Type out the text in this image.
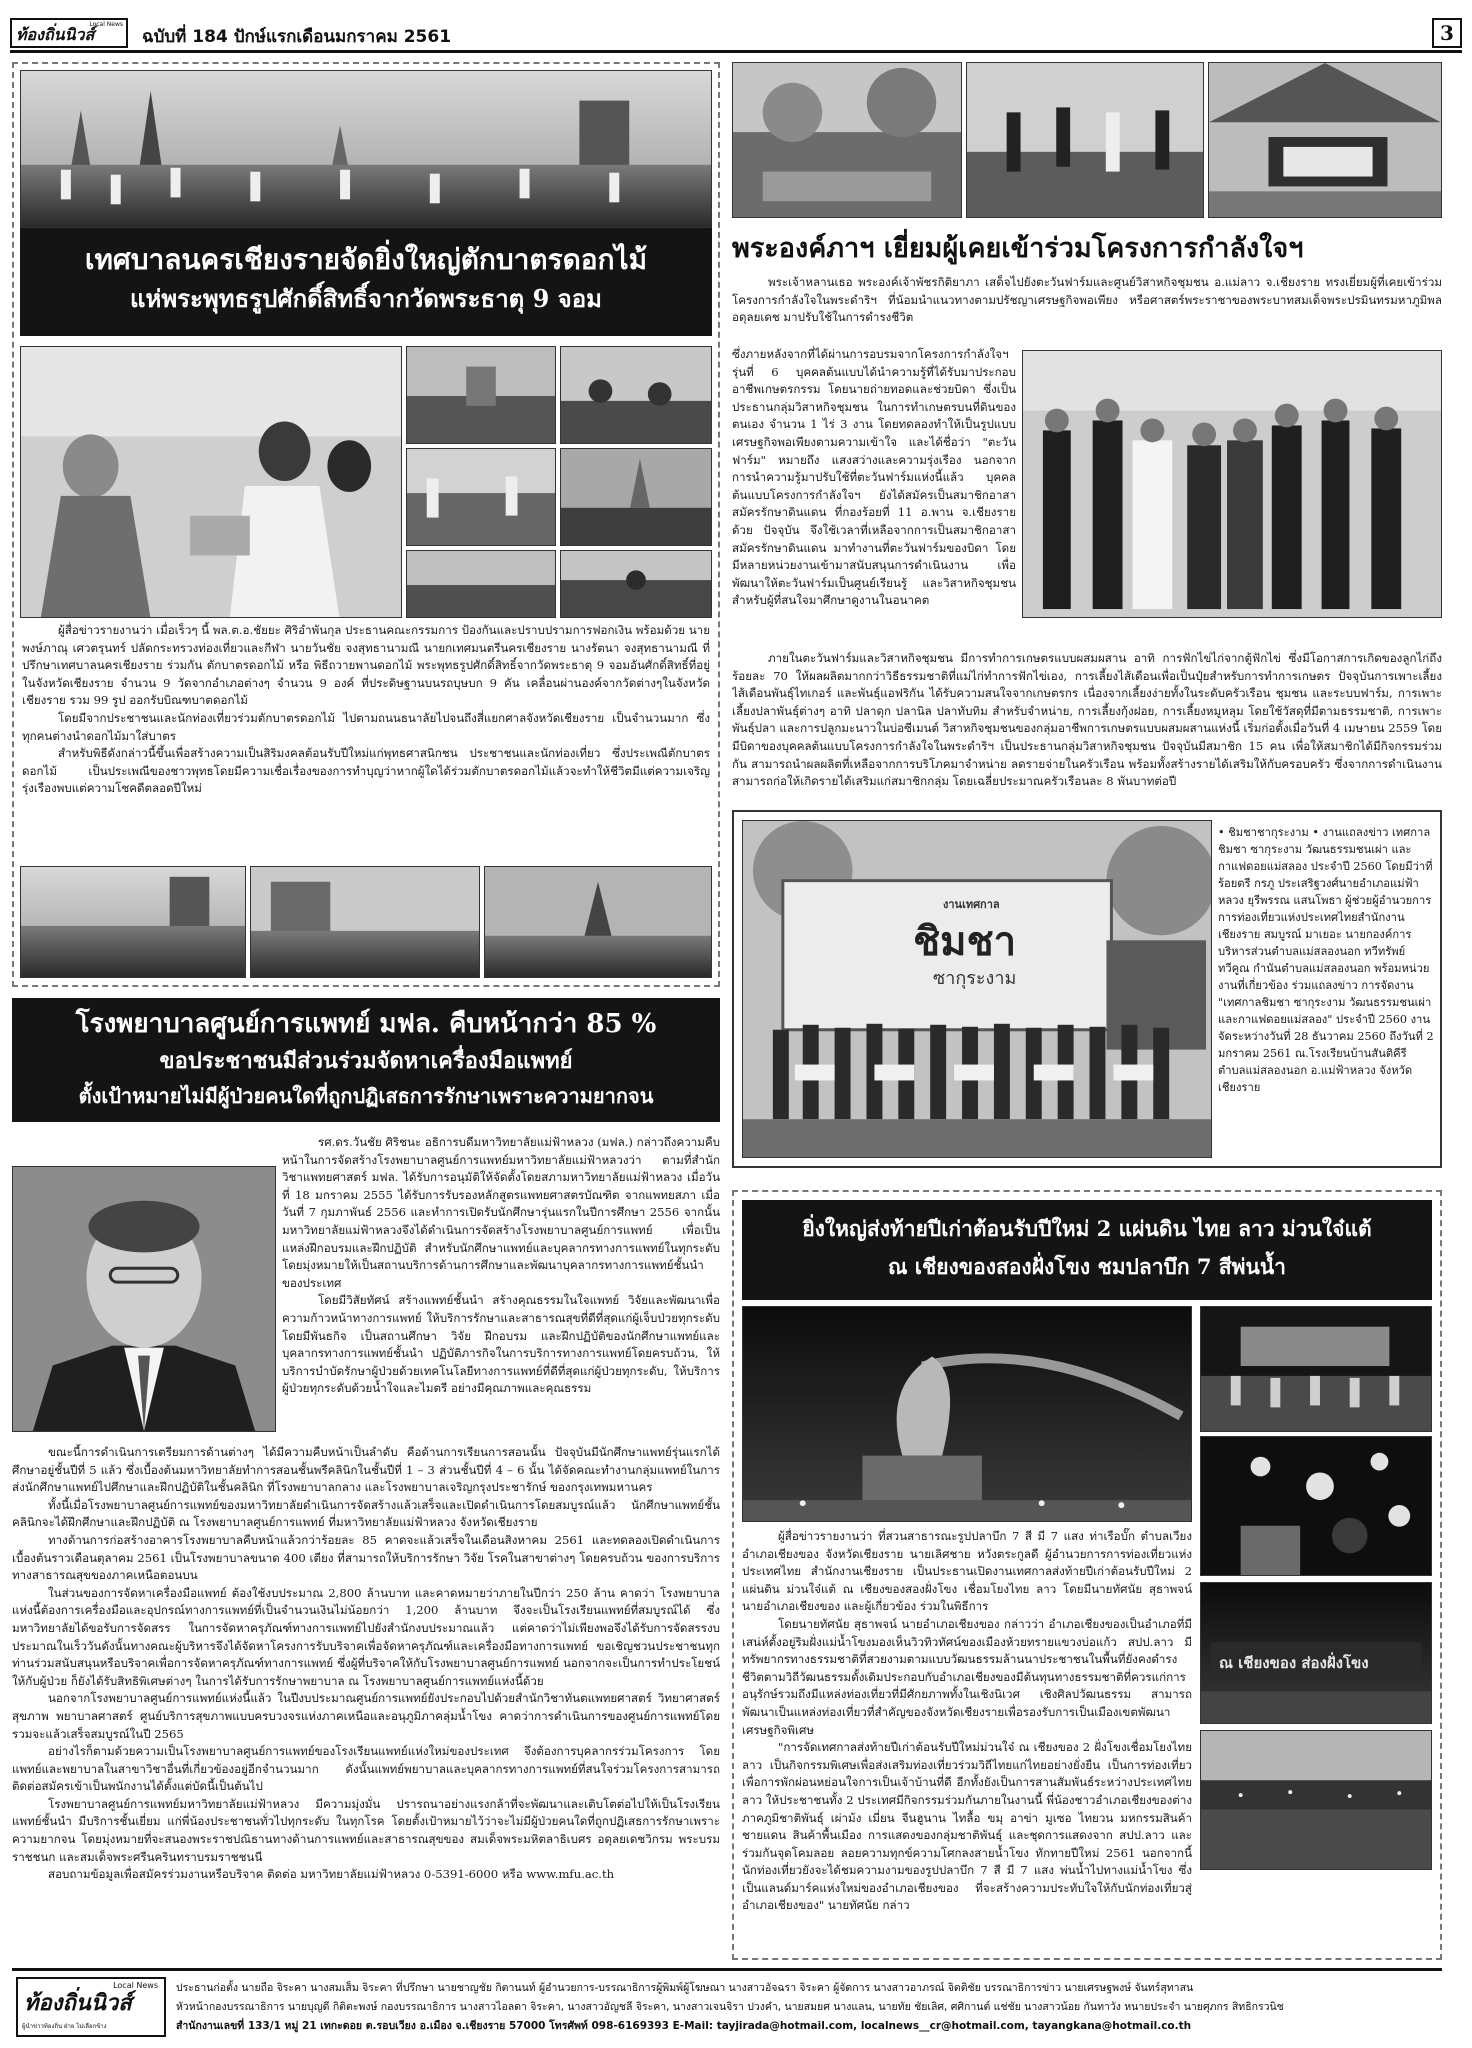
ท้องถิ่นนิวส์
Local News
ฉบับที่ 184 ปักษ์แรกเดือนมกราคม 2561	3
เทศบาลนครเชียงรายจัดยิ่งใหญ่ตักบาตรดอกไม้
แห่พระพุทธรูปศักดิ์สิทธิ์จากวัดพระธาตุ 9 จอม

ผู้สื่อข่าวรายงานว่า เมื่อเร็วๆ นี้ พล.ต.อ.ชัยยะ ศิริอำพันกุล ประธานคณะกรรมการ ป้องกันและปราบปรามการฟอกเงิน พร้อมด้วย นายพงษ์ภาณุ เศวตรุนทร์ ปลัดกระทรวงท่องเที่ยวและกีฬา นายวันชัย จงสุทธานามณี นายกเทศมนตรีนครเชียงราย นางรัตนา จงสุทธานามณี ที่ปรึกษาเทศบาลนครเชียงราย ร่วมกัน ตักบาตรดอกไม้ หรือ พิธีถวายพานดอกไม้ พระพุทธรูปศักดิ์สิทธิ์จากวัดพระธาตุ 9 จอมอันศักดิ์สิทธิ์ที่อยู่ในจังหวัดเชียงราย จำนวน 9 วัดจากอำเภอต่างๆ จำนวน 9 องค์ ที่ประดิษฐานบนรถบุษบก 9 คัน เคลื่อนผ่านองค์จากวัดต่างๆในจังหวัดเชียงราย รวม 99 รูป ออกรับบิณฑบาตดอกไม้

โดยมีจากประชาชนและนักท่องเที่ยวร่วมตักบาตรดอกไม้ ไปตามถนนธนาลัยไปจนถึงสี่แยกศาลจังหวัดเชียงราย เป็นจำนวนมาก ซึ่งทุกคนต่างนำดอกไม้มาใส่บาตร

สำหรับพิธีดังกล่าวนี้ขึ้นเพื่อสร้างความเป็นสิริมงคลต้อนรับปีใหม่แก่พุทธศาสนิกชน ประชาชนและนักท่องเที่ยว ซึ่งประเพณีตักบาตรดอกไม้ เป็นประเพณีของชาวพุทธโดยมีความเชื่อเรื่องของการทำบุญว่าหากผู้ใดได้ร่วมตักบาตรดอกไม้แล้วจะทำให้ชีวิตมีแต่ความเจริญรุ่งเรืองพบแต่ความโชคดีตลอดปีใหม่

พระองค์ภาฯ เยี่ยมผู้เคยเข้าร่วมโครงการกำลังใจฯ

พระเจ้าหลานเธอ พระองค์เจ้าพัชรกิติยาภา เสด็จไปยังตะวันฟาร์มและศูนย์วิสาหกิจชุมชน อ.แม่ลาว จ.เชียงราย ทรงเยี่ยมผู้ที่เคยเข้าร่วมโครงการกำลังใจในพระดำริฯ ที่น้อมนำแนวทางตามปรัชญาเศรษฐกิจพอเพียง หรือศาสตร์พระราชาของพระบาทสมเด็จพระปรมินทรมหาภูมิพลอดุลยเดช มาปรับใช้ในการดำรงชีวิต

ซึ่งภายหลังจากที่ได้ผ่านการอบรมจากโครงการกำลังใจฯ รุ่นที่ 6 บุคคลต้นแบบได้นำความรู้ที่ได้รับมาประกอบอาชีพเกษตรกรรม โดยนายถ่ายทอดและช่วยบิดา ซึ่งเป็นประธานกลุ่มวิสาหกิจชุมชน ในการทำเกษตรบนที่ดินของตนเอง จำนวน 1 ไร่ 3 งาน โดยทดลองทำให้เป็นรูปแบบเศรษฐกิจพอเพียงตามความเข้าใจ และได้ชื่อว่า "ตะวันฟาร์ม" หมายถึง แสงสว่างและความรุ่งเรือง นอกจากการนำความรู้มาปรับใช้ที่ตะวันฟาร์มแห่งนี้แล้ว บุคคลต้นแบบโครงการกำลังใจฯ ยังได้สมัครเป็นสมาชิกอาสาสมัครรักษาดินแดน ที่กองร้อยที่ 11 อ.พาน จ.เชียงรายด้วย ปัจจุบัน จึงใช้เวลาที่เหลือจากการเป็นสมาชิกอาสาสมัครรักษาดินแดน มาทำงานที่ตะวันฟาร์มของบิดา โดยมีหลายหน่วยงานเข้ามาสนับสนุนการดำเนินงาน เพื่อพัฒนาให้ตะวันฟาร์มเป็นศูนย์เรียนรู้ และวิสาหกิจชุมชนสำหรับผู้ที่สนใจมาศึกษาดูงานในอนาคต

ภายในตะวันฟาร์มและวิสาหกิจชุมชน มีการทำการเกษตรแบบผสมผสาน อาทิ การฟักไข่ไก่จากตู้ฟักไข่ ซึ่งมีโอกาสการเกิดของลูกไก่ถึงร้อยละ 70 ให้ผลผลิตมากกว่าวิธีธรรมชาติที่แม่ไก่ทำการฟักไข่เอง, การเลี้ยงไส้เดือนเพื่อเป็นปุ๋ยสำหรับการทำการเกษตร ปัจจุบันการเพาะเลี้ยงไส้เดือนพันธุ์ไทเกอร์ และพันธุ์แอฟริกัน ได้รับความสนใจจากเกษตรกร เนื่องจากเลี้ยงง่ายทั้งในระดับครัวเรือน ชุมชน และระบบฟาร์ม, การเพาะเลี้ยงปลาพันธุ์ต่างๆ อาทิ ปลาดุก ปลานิล ปลาทับทิม สำหรับจำหน่าย, การเลี้ยงกุ้งฝอย, การเลี้ยงหมูหลุม โดยใช้วัสดุที่มีตามธรรมชาติ, การเพาะพันธุ์ปลา และการปลูกมะนาวในบ่อซีเมนต์ วิสาหกิจชุมชนของกลุ่มอาชีพการเกษตรแบบผสมผสานแห่งนี้ เริ่มก่อตั้งเมื่อวันที่ 4 เมษายน 2559 โดยมีบิดาของบุคคลต้นแบบโครงการกำลังใจในพระดำริฯ เป็นประธานกลุ่มวิสาหกิจชุมชน ปัจจุบันมีสมาชิก 15 คน เพื่อให้สมาชิกได้มีกิจกรรมร่วมกัน สามารถนำผลผลิตที่เหลือจากการบริโภคมาจำหน่าย ลดรายจ่ายในครัวเรือน พร้อมทั้งสร้างรายได้เสริมให้กับครอบครัว ซึ่งจากการดำเนินงาน สามารถก่อให้เกิดรายได้เสริมแก่สมาชิกกลุ่ม โดยเฉลี่ยประมาณครัวเรือนละ 8 พันบาทต่อปี

งานเทศกาล
ชิมชา
ซากุระงาม

• ชิมชาชากุระงาม • งานแถลงข่าว เทศกาลชิมชา ซากุระงาม วัฒนธรรมชนเผ่า และกาแฟดอยแม่สลอง ประจำปี 2560 โดยมีว่าที่ร้อยตรี กรภู ประเสริฐวงศ์นายอำเภอแม่ฟ้าหลวง ยุรีพรรณ แสนโพธา ผู้ช่วยผู้อำนวยการการท่องเที่ยวแห่งประเทศไทยสำนักงานเชียงราย สมบูรณ์ มาเยอะ นายกองค์การบริหารส่วนตำบลแม่สลองนอก ทวีทรัพย์ทวีคูณ กำนันตำบลแม่สลองนอก พร้อมหน่วยงานที่เกี่ยวข้อง ร่วมแถลงข่าว การจัดงาน "เทศกาลชิมชา ซากุระงาม วัฒนธรรมชนเผ่าและกาแฟดอยแม่สลอง" ประจำปี 2560 งานจัดระหว่างวันที่ 28 ธันวาคม 2560 ถึงวันที่ 2 มกราคม 2561 ณ.โรงเรียนบ้านสันติคีรี ตำบลแม่สลองนอก อ.แม่ฟ้าหลวง จังหวัดเชียงราย

โรงพยาบาลศูนย์การแพทย์ มฟล. คืบหน้ากว่า 85 %
ขอประชาชนมีส่วนร่วมจัดหาเครื่องมือแพทย์
ตั้งเป้าหมายไม่มีผู้ป่วยคนใดที่ถูกปฏิเสธการรักษาเพราะความยากจน

รศ.ดร.วันชัย ศิริชนะ อธิการบดีมหาวิทยาลัยแม่ฟ้าหลวง (มฟล.) กล่าวถึงความคืบหน้าในการจัดสร้างโรงพยาบาลศูนย์การแพทย์มหาวิทยาลัยแม่ฟ้าหลวงว่า ตามที่สำนักวิชาแพทยศาสตร์ มฟล. ได้รับการอนุมัติให้จัดตั้งโดยสภามหาวิทยาลัยแม่ฟ้าหลวง เมื่อวันที่ 18 มกราคม 2555 ได้รับการรับรองหลักสูตรแพทยศาสตรบัณฑิต จากแพทยสภา เมื่อวันที่ 7 กุมภาพันธ์ 2556 และทำการเปิดรับนักศึกษารุ่นแรกในปีการศึกษา 2556 จากนั้นมหาวิทยาลัยแม่ฟ้าหลวงจึงได้ดำเนินการจัดสร้างโรงพยาบาลศูนย์การแพทย์ เพื่อเป็นแหล่งฝึกอบรมและฝึกปฏิบัติ สำหรับนักศึกษาแพทย์และบุคลากรทางการแพทย์ในทุกระดับ โดยมุ่งหมายให้เป็นสถานบริการด้านการศึกษาและพัฒนาบุคลากรทางการแพทย์ชั้นนำของประเทศ

โดยมีวิสัยทัศน์ สร้างแพทย์ชั้นนำ สร้างคุณธรรมในใจแพทย์ วิจัยและพัฒนาเพื่อความก้าวหน้าทางการแพทย์ ให้บริการรักษาและสาธารณสุขที่ดีที่สุดแก่ผู้เจ็บป่วยทุกระดับ โดยมีพันธกิจ เป็นสถานศึกษา วิจัย ฝึกอบรม และฝึกปฏิบัติของนักศึกษาแพทย์และบุคลากรทางการแพทย์ชั้นนำ ปฏิบัติภารกิจในการบริการทางการแพทย์โดยครบถ้วน, ให้บริการบำบัดรักษาผู้ป่วยด้วยเทคโนโลยีทางการแพทย์ที่ดีที่สุดแก่ผู้ป่วยทุกระดับ, ให้บริการผู้ป่วยทุกระดับด้วยน้ำใจและไมตรี อย่างมีคุณภาพและคุณธรรม

ขณะนี้การดำเนินการเตรียมการด้านต่างๆ ได้มีความคืบหน้าเป็นลำดับ คือด้านการเรียนการสอนนั้น ปัจจุบันมีนักศึกษาแพทย์รุ่นแรกได้ศึกษาอยู่ชั้นปีที่ 5 แล้ว ซึ่งเบื้องต้นมหาวิทยาลัยทำการสอนชั้นพรีคลินิกในชั้นปีที่ 1 – 3 ส่วนชั้นปีที่ 4 – 6 นั้น ได้จัดคณะทำงานกลุ่มแพทย์ในการส่งนักศึกษาแพทย์ไปศึกษาและฝึกปฏิบัติในชั้นคลินิก ที่โรงพยาบาลกลาง และโรงพยาบาลเจริญกรุงประชารักษ์ ของกรุงเทพมหานคร

ทั้งนี้เมื่อโรงพยาบาลศูนย์การแพทย์ของมหาวิทยาลัยดำเนินการจัดสร้างแล้วเสร็จและเปิดดำเนินการโดยสมบูรณ์แล้ว นักศึกษาแพทย์ชั้นคลินิกจะได้ฝึกศึกษาและฝึกปฏิบัติ ณ โรงพยาบาลศูนย์การแพทย์ ที่มหาวิทยาลัยแม่ฟ้าหลวง จังหวัดเชียงราย

ทางด้านการก่อสร้างอาคารโรงพยาบาลคืบหน้าแล้วกว่าร้อยละ 85 คาดจะแล้วเสร็จในเดือนสิงหาคม 2561 และทดลองเปิดดำเนินการเบื้องต้นราวเดือนตุลาคม 2561 เป็นโรงพยาบาลขนาด 400 เตียง ที่สามารถให้บริการรักษา วิจัย โรคในสาขาต่างๆ โดยครบถ้วน ของการบริการทางสาธารณสุขของภาคเหนือตอนบน

ในส่วนของการจัดหาเครื่องมือแพทย์ ต้องใช้งบประมาณ 2,800 ล้านบาท และคาดหมายว่าภายในปีกว่า 250 ล้าน คาดว่า โรงพยาบาลแห่งนี้ต้องการเครื่องมือและอุปกรณ์ทางการแพทย์ที่เป็นจำนวนเงินไม่น้อยกว่า 1,200 ล้านบาท จึงจะเป็นโรงเรียนแพทย์ที่สมบูรณ์ได้ ซึ่งมหาวิทยาลัยได้ขอรับการจัดสรร ในการจัดหาครุภัณฑ์ทางการแพทย์ไปยังสำนักงบประมาณแล้ว แต่คาดว่าไม่เพียงพอจึงได้รับการจัดสรรงบประมาณในเร็ววันดังนั้นทางคณะผู้บริหารจึงได้จัดหาโครงการรับบริจาคเพื่อจัดหาครุภัณฑ์และเครื่องมือทางการแพทย์ ขอเชิญชวนประชาชนทุกท่านร่วมสนับสนุนหรือบริจาคเพื่อการจัดหาครุภัณฑ์ทางการแพทย์ ซึ่งผู้ที่บริจาคให้กับโรงพยาบาลศูนย์การแพทย์ นอกจากจะเป็นการทำประโยชน์ให้กับผู้ป่วย ก็ยังได้รับสิทธิพิเศษต่างๆ ในการได้รับการรักษาพยาบาล ณ โรงพยาบาลศูนย์การแพทย์แห่งนี้ด้วย

นอกจากโรงพยาบาลศูนย์การแพทย์แห่งนี้แล้ว ในปีงบประมาณศูนย์การแพทย์ยังประกอบไปด้วยสำนักวิชาทันตแพทยศาสตร์ วิทยาศาสตร์สุขภาพ พยาบาลศาสตร์ ศูนย์บริการสุขภาพแบบครบวงจรแห่งภาคเหนือและอนุภูมิภาคลุ่มน้ำโขง คาดว่าการดำเนินการของศูนย์การแพทย์โดยรวมจะแล้วเสร็จสมบูรณ์ในปี 2565

อย่างไรก็ตามด้วยความเป็นโรงพยาบาลศูนย์การแพทย์ของโรงเรียนแพทย์แห่งใหม่ของประเทศ จึงต้องการบุคลากรร่วมโครงการ โดยแพทย์และพยาบาลในสาขาวิชาอื่นที่เกี่ยวข้องอยู่อีกจำนวนมาก ดังนั้นแพทย์พยาบาลและบุคลากรทางการแพทย์ที่สนใจร่วมโครงการสามารถติดต่อสมัครเข้าเป็นพนักงานได้ตั้งแต่บัดนี้เป็นต้นไป

โรงพยาบาลศูนย์การแพทย์มหาวิทยาลัยแม่ฟ้าหลวง มีความมุ่งมั่น ปรารถนาอย่างแรงกล้าที่จะพัฒนาและเติบโตต่อไปให้เป็นโรงเรียนแพทย์ชั้นนำ มีบริการชั้นเยี่ยม แก่พี่น้องประชาชนทั่วไปทุกระดับ ในทุกโรค โดยตั้งเป้าหมายไว้ว่าจะไม่มีผู้ป่วยคนใดที่ถูกปฏิเสธการรักษาเพราะความยากจน โดยมุ่งหมายที่จะสนองพระราชปณิธานทางด้านการแพทย์และสาธารณสุขของ สมเด็จพระมหิตลาธิเบศร อดุลยเดชวิกรม พระบรมราชชนก และสมเด็จพระศรีนครินทราบรมราชชนนี

สอบถามข้อมูลเพื่อสมัครร่วมงานหรือบริจาค ติดต่อ มหาวิทยาลัยแม่ฟ้าหลวง 0-5391-6000 หรือ www.mfu.ac.th

ยิ่งใหญ่ส่งท้ายปีเก่าต้อนรับปีใหม่ 2 แผ่นดิน ไทย ลาว ม่วนใจ๋แต้
ณ เชียงของสองฝั่งโขง ชมปลาบึก 7 สีพ่นน้ำ

ผู้สื่อข่าวรายงานว่า ที่สวนสาธารณะรูปปลาบึก 7 สี มี 7 แสง ท่าเรือบั๊ก ตำบลเวียง อำเภอเชียงของ จังหวัดเชียงราย นายเลิศชาย หวังตระกูลดี ผู้อำนวยการการท่องเที่ยวแห่งประเทศไทย สำนักงานเชียงราย เป็นประธานเปิดงานเทศกาลส่งท้ายปีเก่าต้อนรับปีใหม่ 2 แผ่นดิน ม่วนใจ๋แต้ ณ เชียงของสองฝั่งโขง เชื่อมโยงไทย ลาว โดยมีนายทัศนัย สุธาพจน์ นายอำเภอเชียงของ และผู้เกี่ยวข้อง ร่วมในพิธีการ

โดยนายทัศนัย สุธาพจน์ นายอำเภอเชียงของ กล่าวว่า อำเภอเชียงของเป็นอำเภอที่มีเสน่ห์ตั้งอยู่ริมฝั่งแม่น้ำโขงมองเห็นวิวทิวทัศน์ของเมืองห้วยทรายแขวงบ่อแก้ว สปป.ลาว มีทรัพยากรทางธรรมชาติที่สวยงามตามแบบวัฒนธรรมล้านนาประชาชนในพื้นที่ยังคงดำรงชีวิตตามวิถีวัฒนธรรมดั้งเดิมประกอบกับอำเภอเชียงของมีต้นทุนทางธรรมชาติที่ควรแก่การอนุรักษ์รวมถึงมีแหล่งท่องเที่ยวที่มีศักยภาพทั้งในเชิงนิเวศ เชิงศิลปวัฒนธรรม สามารถพัฒนาเป็นแหล่งท่องเที่ยวที่สำคัญของจังหวัดเชียงรายเพื่อรองรับการเป็นเมืองเขตพัฒนาเศรษฐกิจพิเศษ

"การจัดเทศกาลส่งท้ายปีเก่าต้อนรับปีใหม่ม่วนใจ๋ ณ เชียงของ 2 ฝั่งโขงเชื่อมโยงไทย ลาว เป็นกิจกรรมพิเศษเพื่อส่งเสริมท่องเที่ยวร่วมวิถีไทยแก่ไทยอย่างยั่งยืน เป็นการท่องเที่ยวเพื่อการพักผ่อนหย่อนใจการเป็นเจ้าบ้านที่ดี อีกทั้งยังเป็นการสานสัมพันธ์ระหว่างประเทศไทย ลาว ให้ประชาชนทั้ง 2 ประเทศมีกิจกรรมร่วมกันภายในงานนี้ พี่น้องชาวอำเภอเชียงของต่างภาคภูมิชาติพันธุ์ เผ่าม้ง เมี่ยน จีนฮูนาน ไทลื้อ ขมุ อาข่า มูเซอ ไทยวน มหกรรมสินค้าชายแดน สินค้าพื้นเมือง การแสดงของกลุ่มชาติพันธุ์ และชุดการแสดงจาก สปป.ลาว และร่วมกันจุดโคมลอย ลอยความทุกข์ความโศกลงสายน้ำโขง ทักทายปีใหม่ 2561 นอกจากนี้นักท่องเที่ยวยังจะได้ชมความงามของรูปปลาบึก 7 สี มี 7 แสง พ่นน้ำไปทางแม่น้ำโขง ซึ่งเป็นแลนด์มาร์คแห่งใหม่ของอำเภอเชียงของ ที่จะสร้างความประทับใจให้กับนักท่องเที่ยวสู่อำเภอเชียงของ" นายทัศนัย กล่าว

ณ เชียงของ ส่องฝั่งโขง
ท้องถิ่นนิวส์
Local News
ผู้นำข่าวท้องถิ่น ฝ่าย ไม่เลือกข้าง
ประธานก่อตั้ง นายถือ จิระคา นางสมเส็ม จิระคา ที่ปรึกษา นายชาญชัย กิตานนท์ ผู้อำนวยการ-บรรณาธิการผู้พิมพ์ผู้โฆษณา นางสาวอัจฉรา จิระคา ผู้จัดการ นางสาวอาภรณ์ จิตติชัย บรรณาธิการข่าว นายเศรษฐพงษ์ จันทร์สุทาสน
หัวหน้ากองบรรณาธิการ นายบุญดี กิติตะพงษ์ กองบรรณาธิการ นางสาวไอลดา จิระคา, นางสาวอัญชลี จิระคา, นางสาวเจนจิรา ปวงคำ, นายสมยศ นางแลน, นายทัย ชัยเลิศ, ศศิกานต์ แช่ชัย นางสาวน้อย กันทาวัง หนายประจำ นายศุภกร สิทธิกรวนิช
สำนักงานเลขที่ 133/1 หมู่ 21 เทกะดอย ต.รอบเวียง อ.เมือง จ.เชียงราย 57000 โทรศัพท์ 098-6169393 E-Mail: tayjirada@hotmail.com, localnews__cr@hotmail.com, tayangkana@hotmail.co.th
